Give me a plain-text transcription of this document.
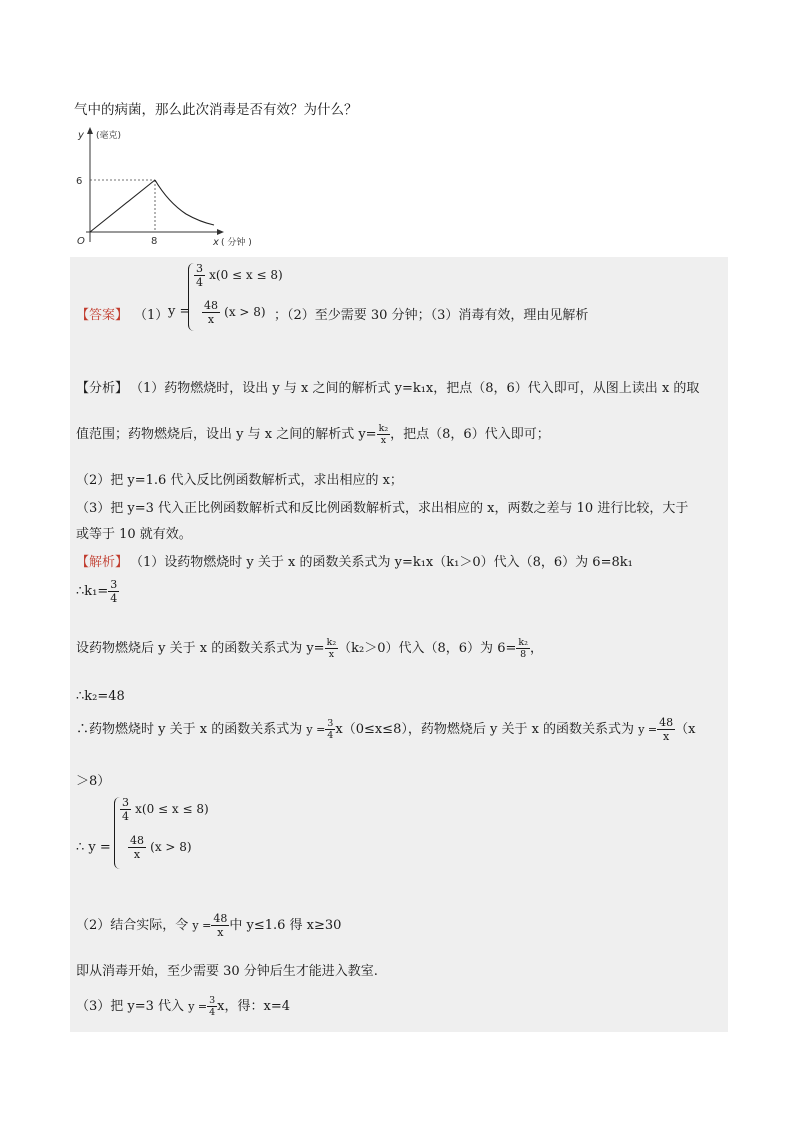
气中的病菌，那么此次消毒是否有效？为什么？
y (毫克)
6
O	8	x ( 分钟 )
【答案】 （1） y =
$\frac{3}{4} x(0 \le x \le 8)$
$\frac{48}{x} (x > 8)$ ；（2）至少需要 30 分钟；（3）消毒有效，理由见解析
【分析】 （1）药物燃烧时，设出 y 与 x 之间的解析式 y=k₁x，把点（8，6）代入即可，从图上读出 x 的取
值范围；药物燃烧后，设出 y 与 x 之间的解析式 $y= \frac{\text{k₂}}{x}$ ，把点（8，6）代入即可；
（2）把 y=1.6 代入反比例函数解析式，求出相应的 x；
（3）把 y=3 代入正比例函数解析式和反比例函数解析式，求出相应的 x，两数之差与 10 进行比较，大于
或等于 10 就有效。
【解析】 （1）设药物燃烧时 y 关于 x 的函数关系式为 y=k₁x（k₁＞0）代入（8，6）为 6=8k₁
∴k₁= $\frac{3}{4}$
设药物燃烧后 y 关于 x 的函数关系式为 $y= \frac{\text{k₂}}{x} (k_2>0)$代入（8，6）为 $6= \frac{\text{k₂}}{8}$ ，
∴k₂=48
∴药物燃烧时 y 关于 x 的函数关系式为 $y = \frac{3}{4} x(0\le x\le 8)$，药物燃烧后 y 关于 x 的函数关系式为 $y = \frac{48}{x} (x$
＞8）
∴ y =
$\frac{3}{4} x(0 \le x \le 8)$
$\frac{48}{x} (x > 8)$
（2）结合实际，令 $y = \frac{48}{x}$ 中 y≤1.6 得 x≥30
即从消毒开始，至少需要 30 分钟后生才能进入教室.
（3）把 y=3 代入 $y = \frac{3}{4}$ x，得：x=4
